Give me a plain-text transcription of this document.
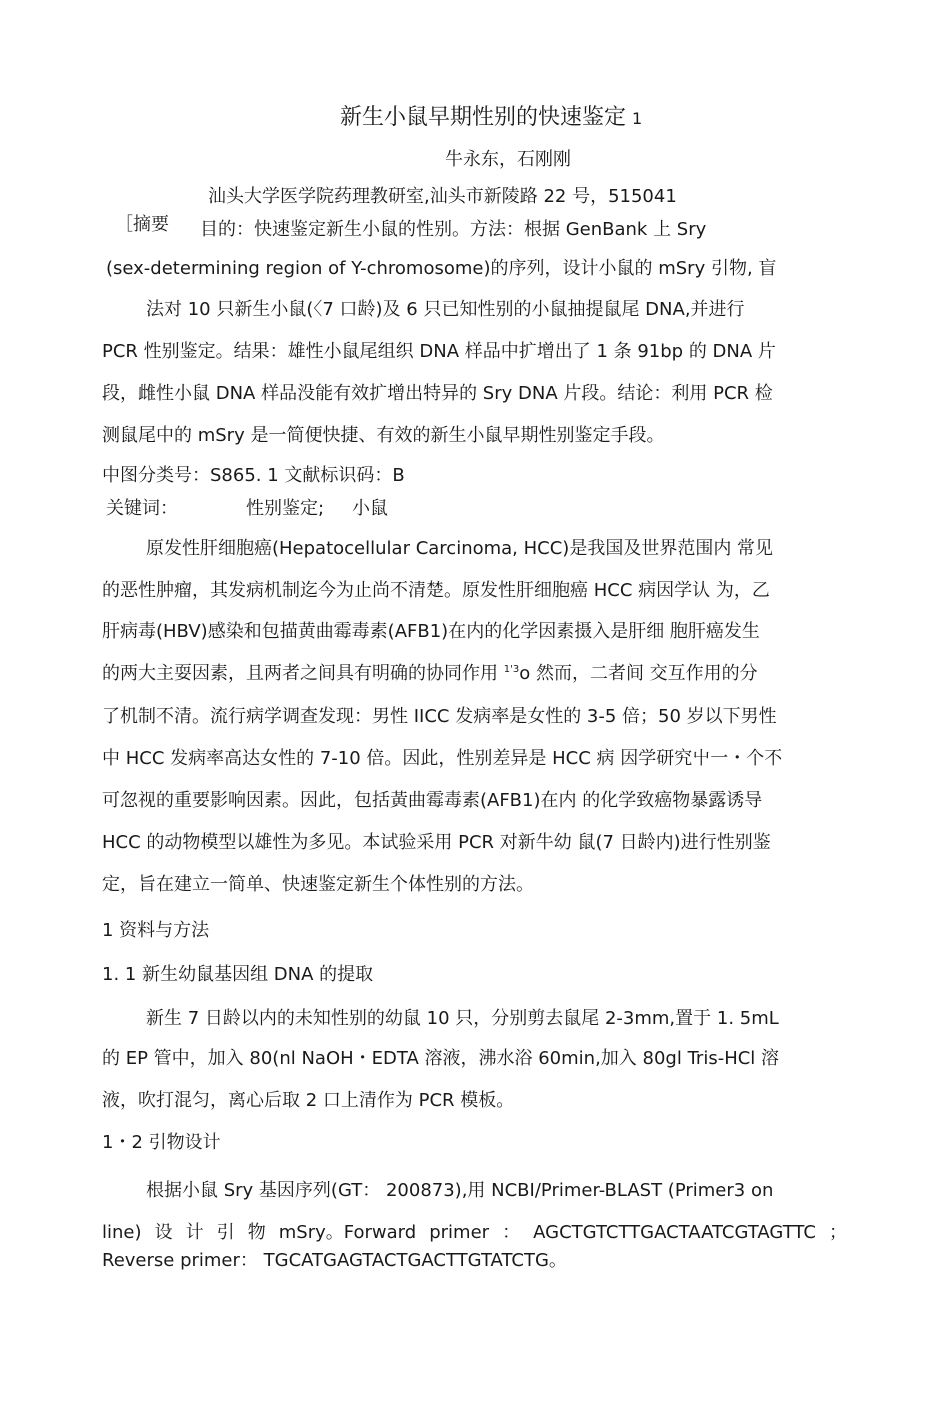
新生小鼠早期性别的快速鉴定 1
牛永东，石刚刚
汕头大学医学院药理教研室,汕头市新陵路 22 号，515041
［摘要 目的：快速鉴定新生小鼠的性别。方法：根据 GenBank 上 Sry
(sex-determining region of Y-chromosome)的序列，设计小鼠的 mSry 引物, 盲
法对 10 只新生小鼠(〈7 口龄)及 6 只已知性别的小鼠抽提鼠尾 DNA,并进行
PCR 性别鉴定。结果：雄性小鼠尾组织 DNA 样品中扩增出了 1 条 91bp 的 DNA 片
段，雌性小鼠 DNA 样品没能有效扩增出特异的 Sry DNA 片段。结论：利用 PCR 检
测鼠尾中的 mSry 是一简便快捷、有效的新生小鼠早期性别鉴定手段。
中图分类号：S865. 1 文献标识码：B
关键词：	性别鉴定; 小鼠
原发性肝细胞癌(Hepatocellular Carcinoma, HCC)是我国及世界范围内 常见
的恶性肿瘤，其发病机制迄今为止尚不清楚。原发性肝细胞癌 HCC 病因学认 为，乙
肝病毒(HBV)感染和包描黄曲霉毒素(AFB1)在内的化学因素摄入是肝细 胞肝癌发生
的两大主耍因素，且两者之间具有明确的协同作用 $^{1'3}$o 然而，二者间 交互作用的分
了机制不清。流行病学调查发现：男性 IICC 发病率是女性的 3-5 倍；50 岁以下男性
中 HCC 发病率高达女性的 7-10 倍。因此，性别差异是 HCC 病 因学研究屮一・个不
可忽视的重要影响因素。因此，包括黃曲霉毒素(AFB1)在内 的化学致癌物暴露诱导
HCC 的动物模型以雄性为多见。本试验采用 PCR 对新牛幼 鼠(7 日龄内)进行性别鉴
定，旨在建立一简单、快速鉴定新生个体性别的方法。
1 资料与方法
1. 1 新生幼鼠基因组 DNA 的提取
新生 7 日龄以内的未知性别的幼鼠 10 只，分别剪去鼠尾 2-3mm,置于 1. 5mL
的 EP 管中，加入 80(nl NaOH・EDTA 溶液，沸水浴 60min,加入 80gl Tris-HCl 溶
液，吹打混匀，离心后取 2 口上清作为 PCR 模板。
1・2 引物设计
根据小鼠 Sry 基因序列(GT： 200873),用 NCBI/Primer-BLAST (Primer3 on
line) 设 计 引 物 mSry。Forward primer ： AGCTGTCTTGACTAATCGTAGTTC ；
Reverse primer： TGCATGAGTACTGACTTGTATCTG。
